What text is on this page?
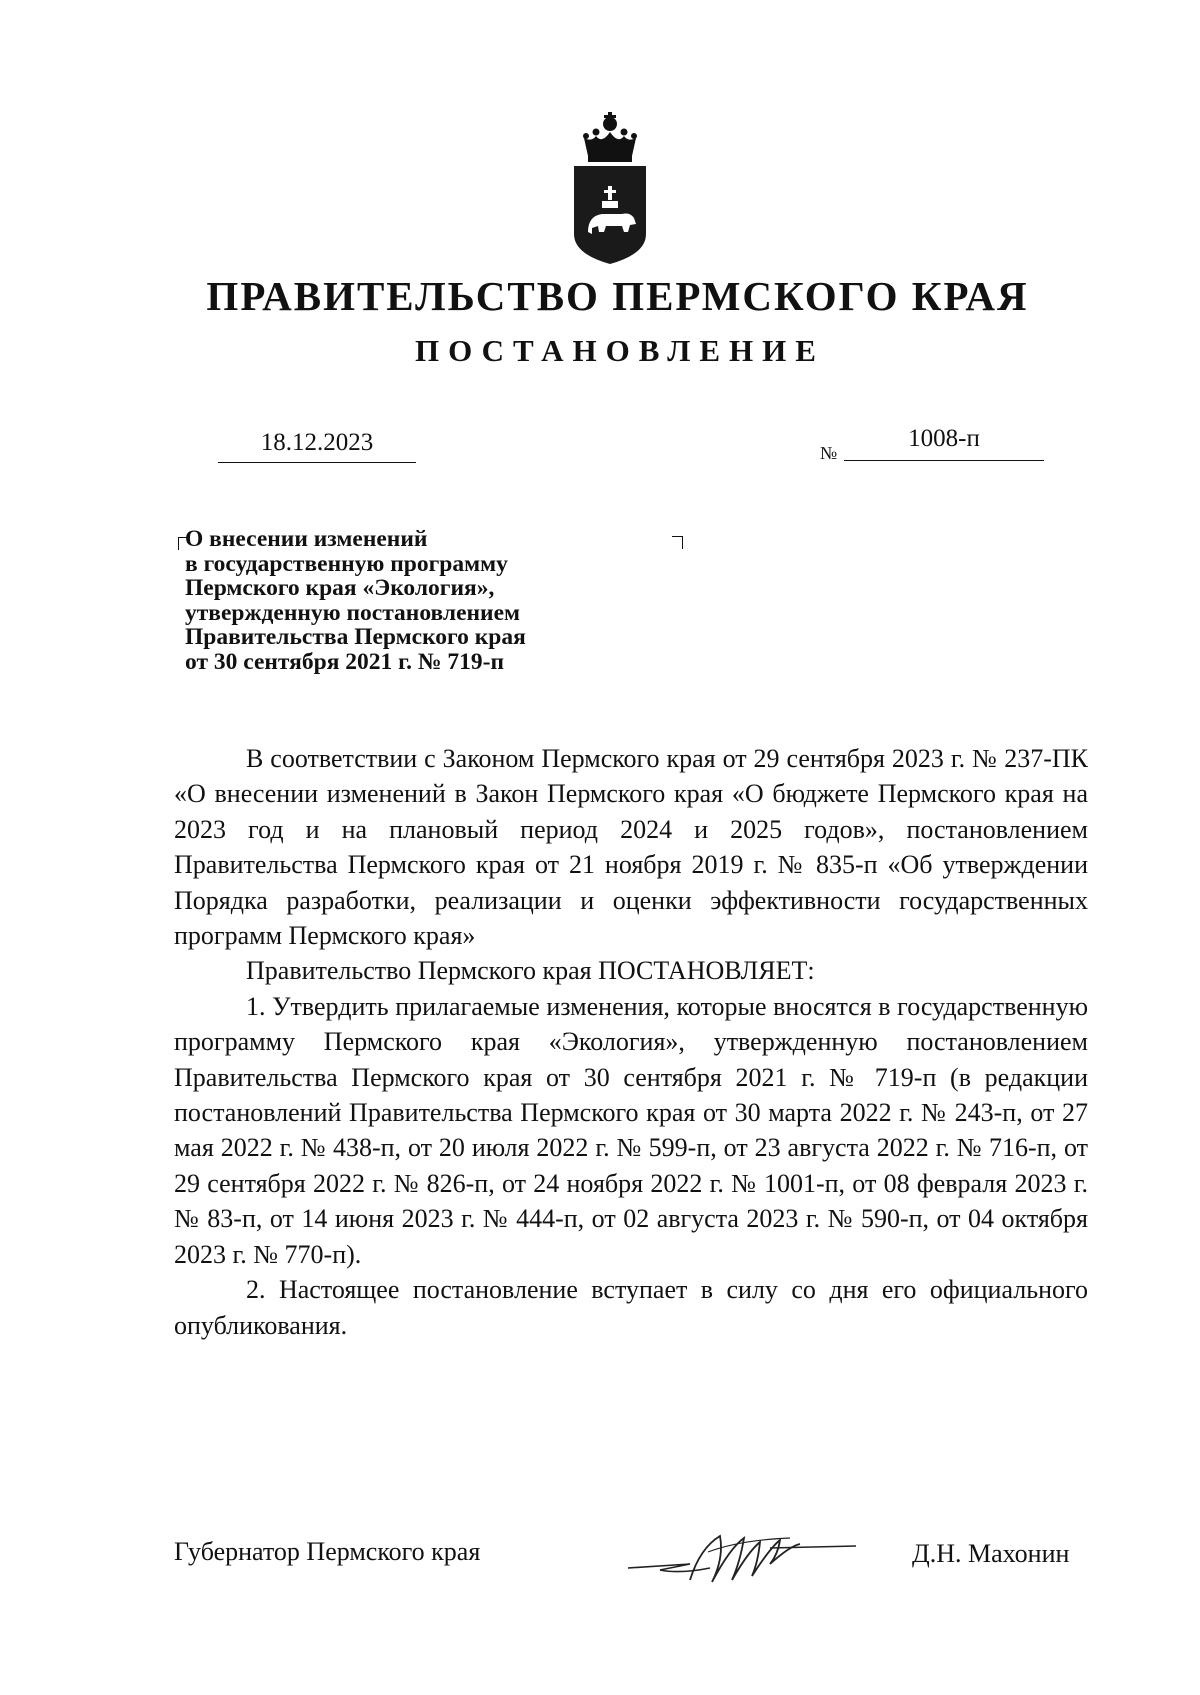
ПРАВИТЕЛЬСТВО ПЕРМСКОГО КРАЯ
ПОСТАНОВЛЕНИЕ
18.12.2023	№
1008-п
О внесении изменений
в государственную программу
Пермского края «Экология»,
утвержденную постановлением
Правительства Пермского края
от 30 сентября 2021 г. № 719-п

В соответствии с Законом Пермского края от 29 сентября 2023 г. № 237-ПК «О внесении изменений в Закон Пермского края «О бюджете Пермского края на 2023 год и на плановый период 2024 и 2025 годов», постановлением Правительства Пермского края от 21 ноября 2019 г. № 835-п «Об утверждении Порядка разработки, реализации и оценки эффективности государственных программ Пермского края»

Правительство Пермского края ПОСТАНОВЛЯЕТ:

1. Утвердить прилагаемые изменения, которые вносятся в государственную программу Пермского края «Экология», утвержденную постановлением Правительства Пермского края от 30 сентября 2021 г. № 719-п (в редакции постановлений Правительства Пермского края от 30 марта 2022 г. № 243-п, от 27 мая 2022 г. № 438-п, от 20 июля 2022 г. № 599-п, от 23 августа 2022 г. № 716-п, от 29 сентября 2022 г. № 826-п, от 24 ноября 2022 г. № 1001-п, от 08 февраля 2023 г. № 83-п, от 14 июня 2023 г. № 444-п, от 02 августа 2023 г. № 590-п, от 04 октября 2023 г. № 770-п).

2. Настоящее постановление вступает в силу со дня его официального опубликования.

Губернатор Пермского края	Д.Н. Махонин
